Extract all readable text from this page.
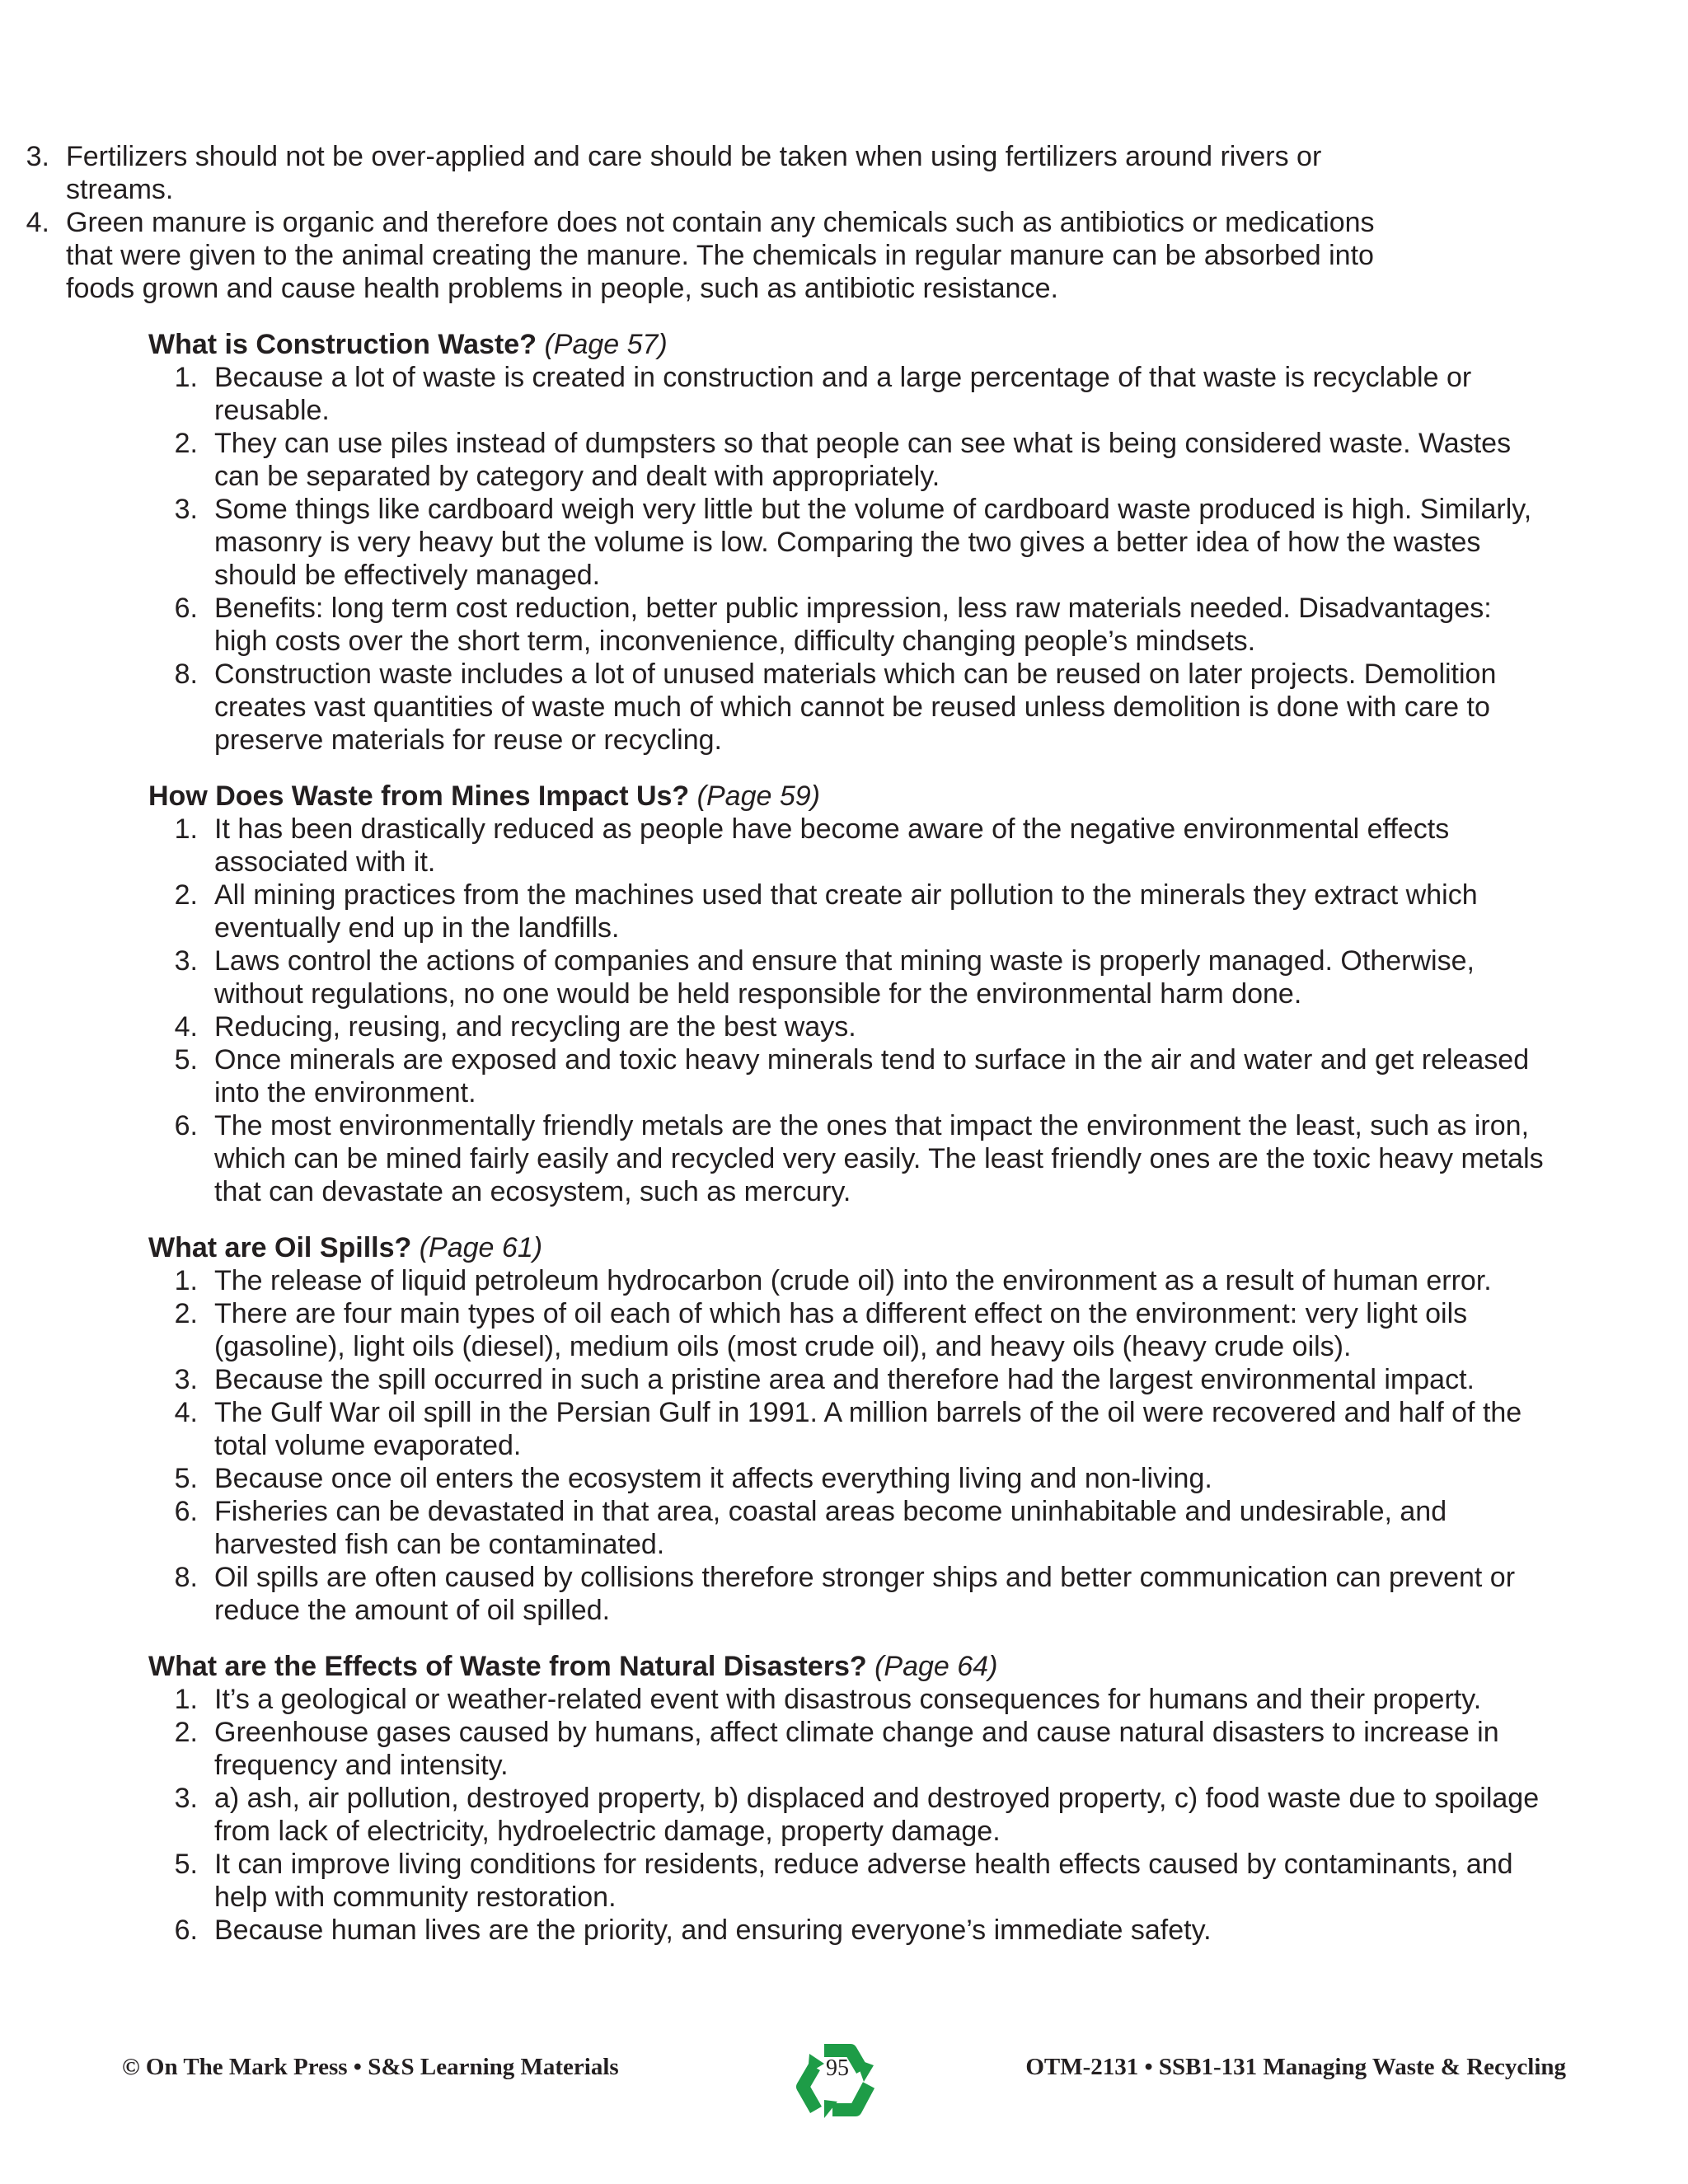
3. Fertilizers should not be over-applied and care should be taken when using fertilizers around rivers or streams.
4. Green manure is organic and therefore does not contain any chemicals such as antibiotics or medications that were given to the animal creating the manure. The chemicals in regular manure can be absorbed into foods grown and cause health problems in people, such as antibiotic resistance.
What is Construction Waste? (Page 57)
1. Because a lot of waste is created in construction and a large percentage of that waste is recyclable or reusable.
2. They can use piles instead of dumpsters so that people can see what is being considered waste. Wastes can be separated by category and dealt with appropriately.
3. Some things like cardboard weigh very little but the volume of cardboard waste produced is high. Similarly, masonry is very heavy but the volume is low. Comparing the two gives a better idea of how the wastes should be effectively managed.
6. Benefits: long term cost reduction, better public impression, less raw materials needed. Disadvantages: high costs over the short term, inconvenience, difficulty changing people’s mindsets.
8. Construction waste includes a lot of unused materials which can be reused on later projects. Demolition creates vast quantities of waste much of which cannot be reused unless demolition is done with care to preserve materials for reuse or recycling.
How Does Waste from Mines Impact Us? (Page 59)
1. It has been drastically reduced as people have become aware of the negative environmental effects associated with it.
2. All mining practices from the machines used that create air pollution to the minerals they extract which eventually end up in the landfills.
3. Laws control the actions of companies and ensure that mining waste is properly managed. Otherwise, without regulations, no one would be held responsible for the environmental harm done.
4. Reducing, reusing, and recycling are the best ways.
5. Once minerals are exposed and toxic heavy minerals tend to surface in the air and water and get released into the environment.
6. The most environmentally friendly metals are the ones that impact the environment the least, such as iron, which can be mined fairly easily and recycled very easily. The least friendly ones are the toxic heavy metals that can devastate an ecosystem, such as mercury.
What are Oil Spills? (Page 61)
1. The release of liquid petroleum hydrocarbon (crude oil) into the environment as a result of human error.
2. There are four main types of oil each of which has a different effect on the environment: very light oils (gasoline), light oils (diesel), medium oils (most crude oil), and heavy oils (heavy crude oils).
3. Because the spill occurred in such a pristine area and therefore had the largest environmental impact.
4. The Gulf War oil spill in the Persian Gulf in 1991. A million barrels of the oil were recovered and half of the total volume evaporated.
5. Because once oil enters the ecosystem it affects everything living and non-living.
6. Fisheries can be devastated in that area, coastal areas become uninhabitable and undesirable, and harvested fish can be contaminated.
8. Oil spills are often caused by collisions therefore stronger ships and better communication can prevent or reduce the amount of oil spilled.
What are the Effects of Waste from Natural Disasters? (Page 64)
1. It’s a geological or weather-related event with disastrous consequences for humans and their property.
2. Greenhouse gases caused by humans, affect climate change and cause natural disasters to increase in frequency and intensity.
3. a) ash, air pollution, destroyed property, b) displaced and destroyed property, c) food waste due to spoilage from lack of electricity, hydroelectric damage, property damage.
5. It can improve living conditions for residents, reduce adverse health effects caused by contaminants, and help with community restoration.
6. Because human lives are the priority, and ensuring everyone’s immediate safety.
© On The Mark Press • S&S Learning Materials	95	OTM-2131 • SSB1-131 Managing Waste & Recycling
